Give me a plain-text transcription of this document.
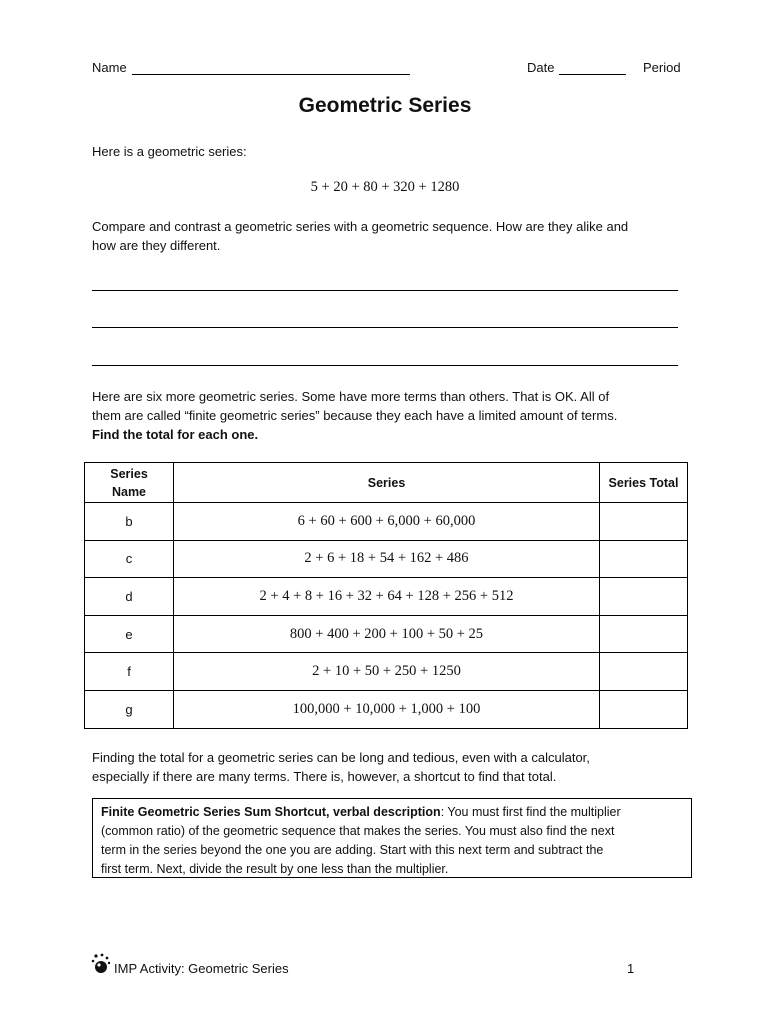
Name	Date	Period
Geometric Series
Here is a geometric series:
5 + 20 + 80 + 320 + 1280
Compare and contrast a geometric series with a geometric sequence. How are they alike and
how are they different.
Here are six more geometric series. Some have more terms than others. That is OK. All of
them are called “finite geometric series” because they each have a limited amount of terms.
Find the total for each one.
Series Name	Series	Series Total
b	6 + 60 + 600 + 6,000 + 60,000	
c	2 + 6 + 18 + 54 + 162 + 486	
d	2 + 4 + 8 + 16 + 32 + 64 + 128 + 256 + 512	
e	800 + 400 + 200 + 100 + 50 + 25	
f	2 + 10 + 50 + 250 + 1250	
g	100,000 + 10,000 + 1,000 + 100	
Finding the total for a geometric series can be long and tedious, even with a calculator,
especially if there are many terms. There is, however, a shortcut to find that total.
Finite Geometric Series Sum Shortcut, verbal description: You must first find the multiplier
(common ratio) of the geometric sequence that makes the series. You must also find the next
term in the series beyond the one you are adding. Start with this next term and subtract the
first term. Next, divide the result by one less than the multiplier.
IMP Activity: Geometric Series	1
